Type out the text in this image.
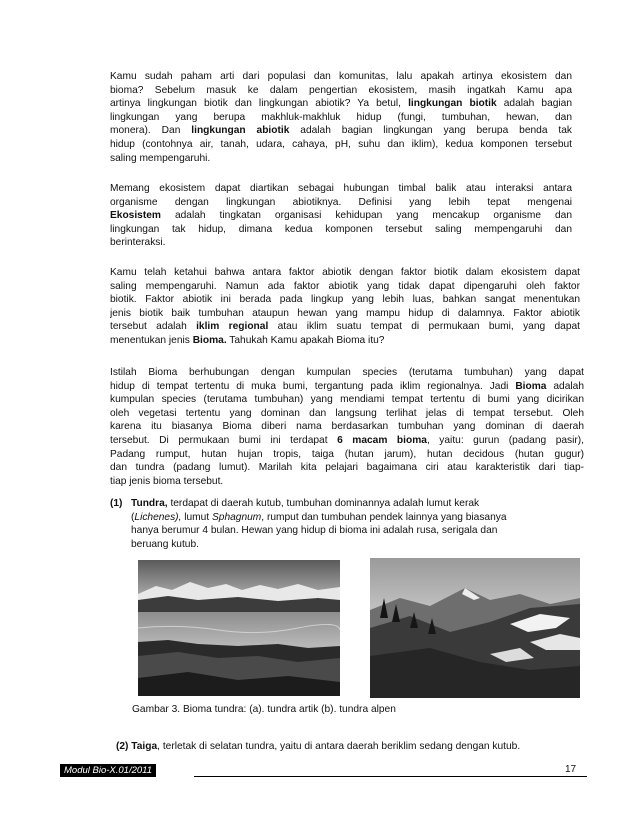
Kamu sudah paham arti dari populasi dan komunitas, lalu apakah artinya ekosistem dan
bioma? Sebelum masuk ke dalam pengertian ekosistem, masih ingatkah Kamu apa
artinya lingkungan biotik dan lingkungan abiotik? Ya betul, lingkungan biotik adalah bagian
lingkungan yang berupa makhluk-makhluk hidup (fungi, tumbuhan, hewan, dan
monera). Dan lingkungan abiotik adalah bagian lingkungan yang berupa benda tak
hidup (contohnya air, tanah, udara, cahaya, pH, suhu dan iklim), kedua komponen tersebut
saling mempengaruhi.
Memang ekosistem dapat diartikan sebagai hubungan timbal balik atau interaksi antara
organisme dengan lingkungan abiotiknya. Definisi yang lebih tepat mengenai
Ekosistem adalah tingkatan organisasi kehidupan yang mencakup organisme dan
lingkungan tak hidup, dimana kedua komponen tersebut saling mempengaruhi dan
berinteraksi.
Kamu telah ketahui bahwa antara faktor abiotik dengan faktor biotik dalam ekosistem dapat
saling mempengaruhi. Namun ada faktor abiotik yang tidak dapat dipengaruhi oleh faktor
biotik. Faktor abiotik ini berada pada lingkup yang lebih luas, bahkan sangat menentukan
jenis biotik baik tumbuhan ataupun hewan yang mampu hidup di dalamnya. Faktor abiotik
tersebut adalah iklim regional atau iklim suatu tempat di permukaan bumi, yang dapat
menentukan jenis Bioma. Tahukah Kamu apakah Bioma itu?
Istilah Bioma berhubungan dengan kumpulan species (terutama tumbuhan) yang dapat
hidup di tempat tertentu di muka bumi, tergantung pada iklim regionalnya. Jadi Bioma adalah
kumpulan species (terutama tumbuhan) yang mendiami tempat tertentu di bumi yang dicirikan
oleh vegetasi tertentu yang dominan dan langsung terlihat jelas di tempat tersebut. Oleh
karena itu biasanya Bioma diberi nama berdasarkan tumbuhan yang dominan di daerah
tersebut. Di permukaan bumi ini terdapat 6 macam bioma, yaitu: gurun (padang pasir),
Padang rumput, hutan hujan tropis, taiga (hutan jarum), hutan decidous (hutan gugur)
dan tundra (padang lumut). Marilah kita pelajari bagaimana ciri atau karakteristik dari tiap-
tiap jenis bioma tersebut.
(1) Tundra, terdapat di daerah kutub, tumbuhan dominannya adalah lumut kerak
(Lichenes), lumut Sphagnum, rumput dan tumbuhan pendek lainnya yang biasanya
hanya berumur 4 bulan. Hewan yang hidup di bioma ini adalah rusa, serigala dan
beruang kutub.
Gambar 3. Bioma tundra: (a). tundra artik (b). tundra alpen
(2) Taiga, terletak di selatan tundra, yaitu di antara daerah beriklim sedang dengan kutub.
Modul Bio-X.01/2011	17
